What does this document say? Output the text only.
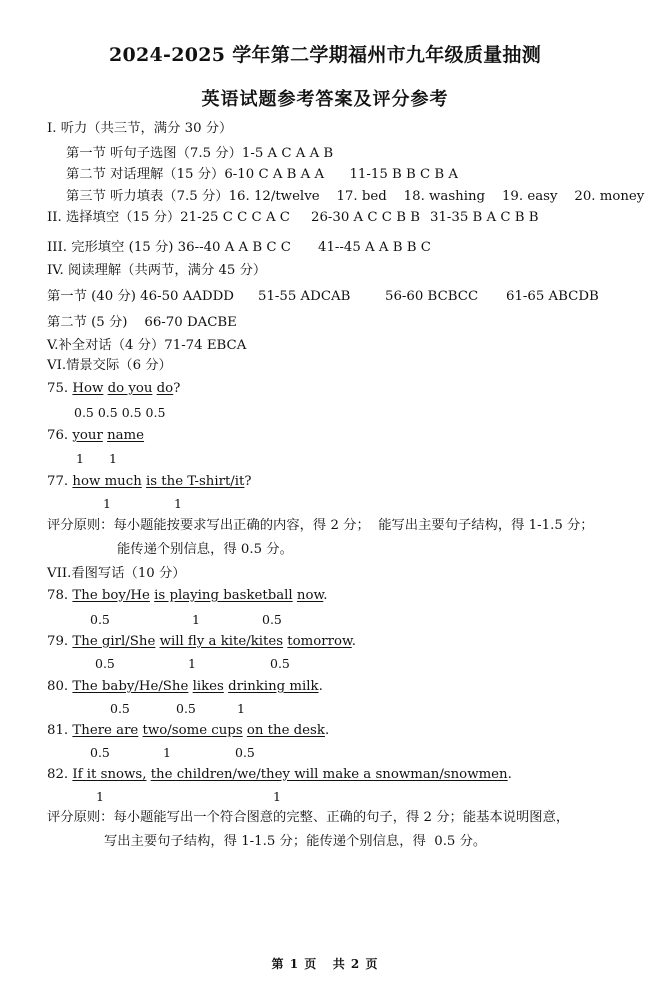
2024-2025 学年第二学期福州市九年级质量抽测
英语试题参考答案及评分参考
I. 听力（共三节，满分 30 分）
第一节 听句子选图（7.5 分）1-5 A C A A B
第二节 对话理解（15 分）6-10 C A B A A      11-15 B B C B A
第三节 听力填表（7.5 分）16. 12/twelve    17. bed    18. washing    19. easy    20. money
II. 选择填空（15 分）21-25 C C C A C 26-30 A C C B B 31-35 B A C B B
III. 完形填空 (15 分) 36--40 A A B C C 41--45 A A B B C
IV. 阅读理解（共两节，满分 45 分）
第一节 (40 分) 46-50 AADDD 51-55 ADCAB	56-60 BCBCC 61-65 ABCDB
第二节 (5 分)    66-70 DACBE
V.补全对话（4 分）71-74 EBCA
VI.情景交际（6 分）
75. How do you do?
0.5 0.5 0.5 0.5
76. your name
1 1
77. how much is the T-shirt/it?
1	1
评分原则：每小题能按要求写出正确的内容，得 2 分；  能写出主要句子结构，得 1-1.5 分；
能传递个别信息，得 0.5 分。
VII.看图写话（10 分）
78. The boy/He is playing basketball now.
0.5	1	0.5
79. The girl/She will fly a kite/kites tomorrow.
0.5	1	0.5
80. The baby/He/She likes drinking milk.
0.5	0.5	1
81. There are two/some cups on the desk.
0.5	1	0.5
82. If it snows, the children/we/they will make a snowman/snowmen.
1	1
评分原则：每小题能写出一个符合图意的完整、正确的句子，得 2 分；能基本说明图意，
写出主要句子结构，得 1-1.5 分；能传递个别信息，得  0.5 分。
第 1 页   共 2 页
